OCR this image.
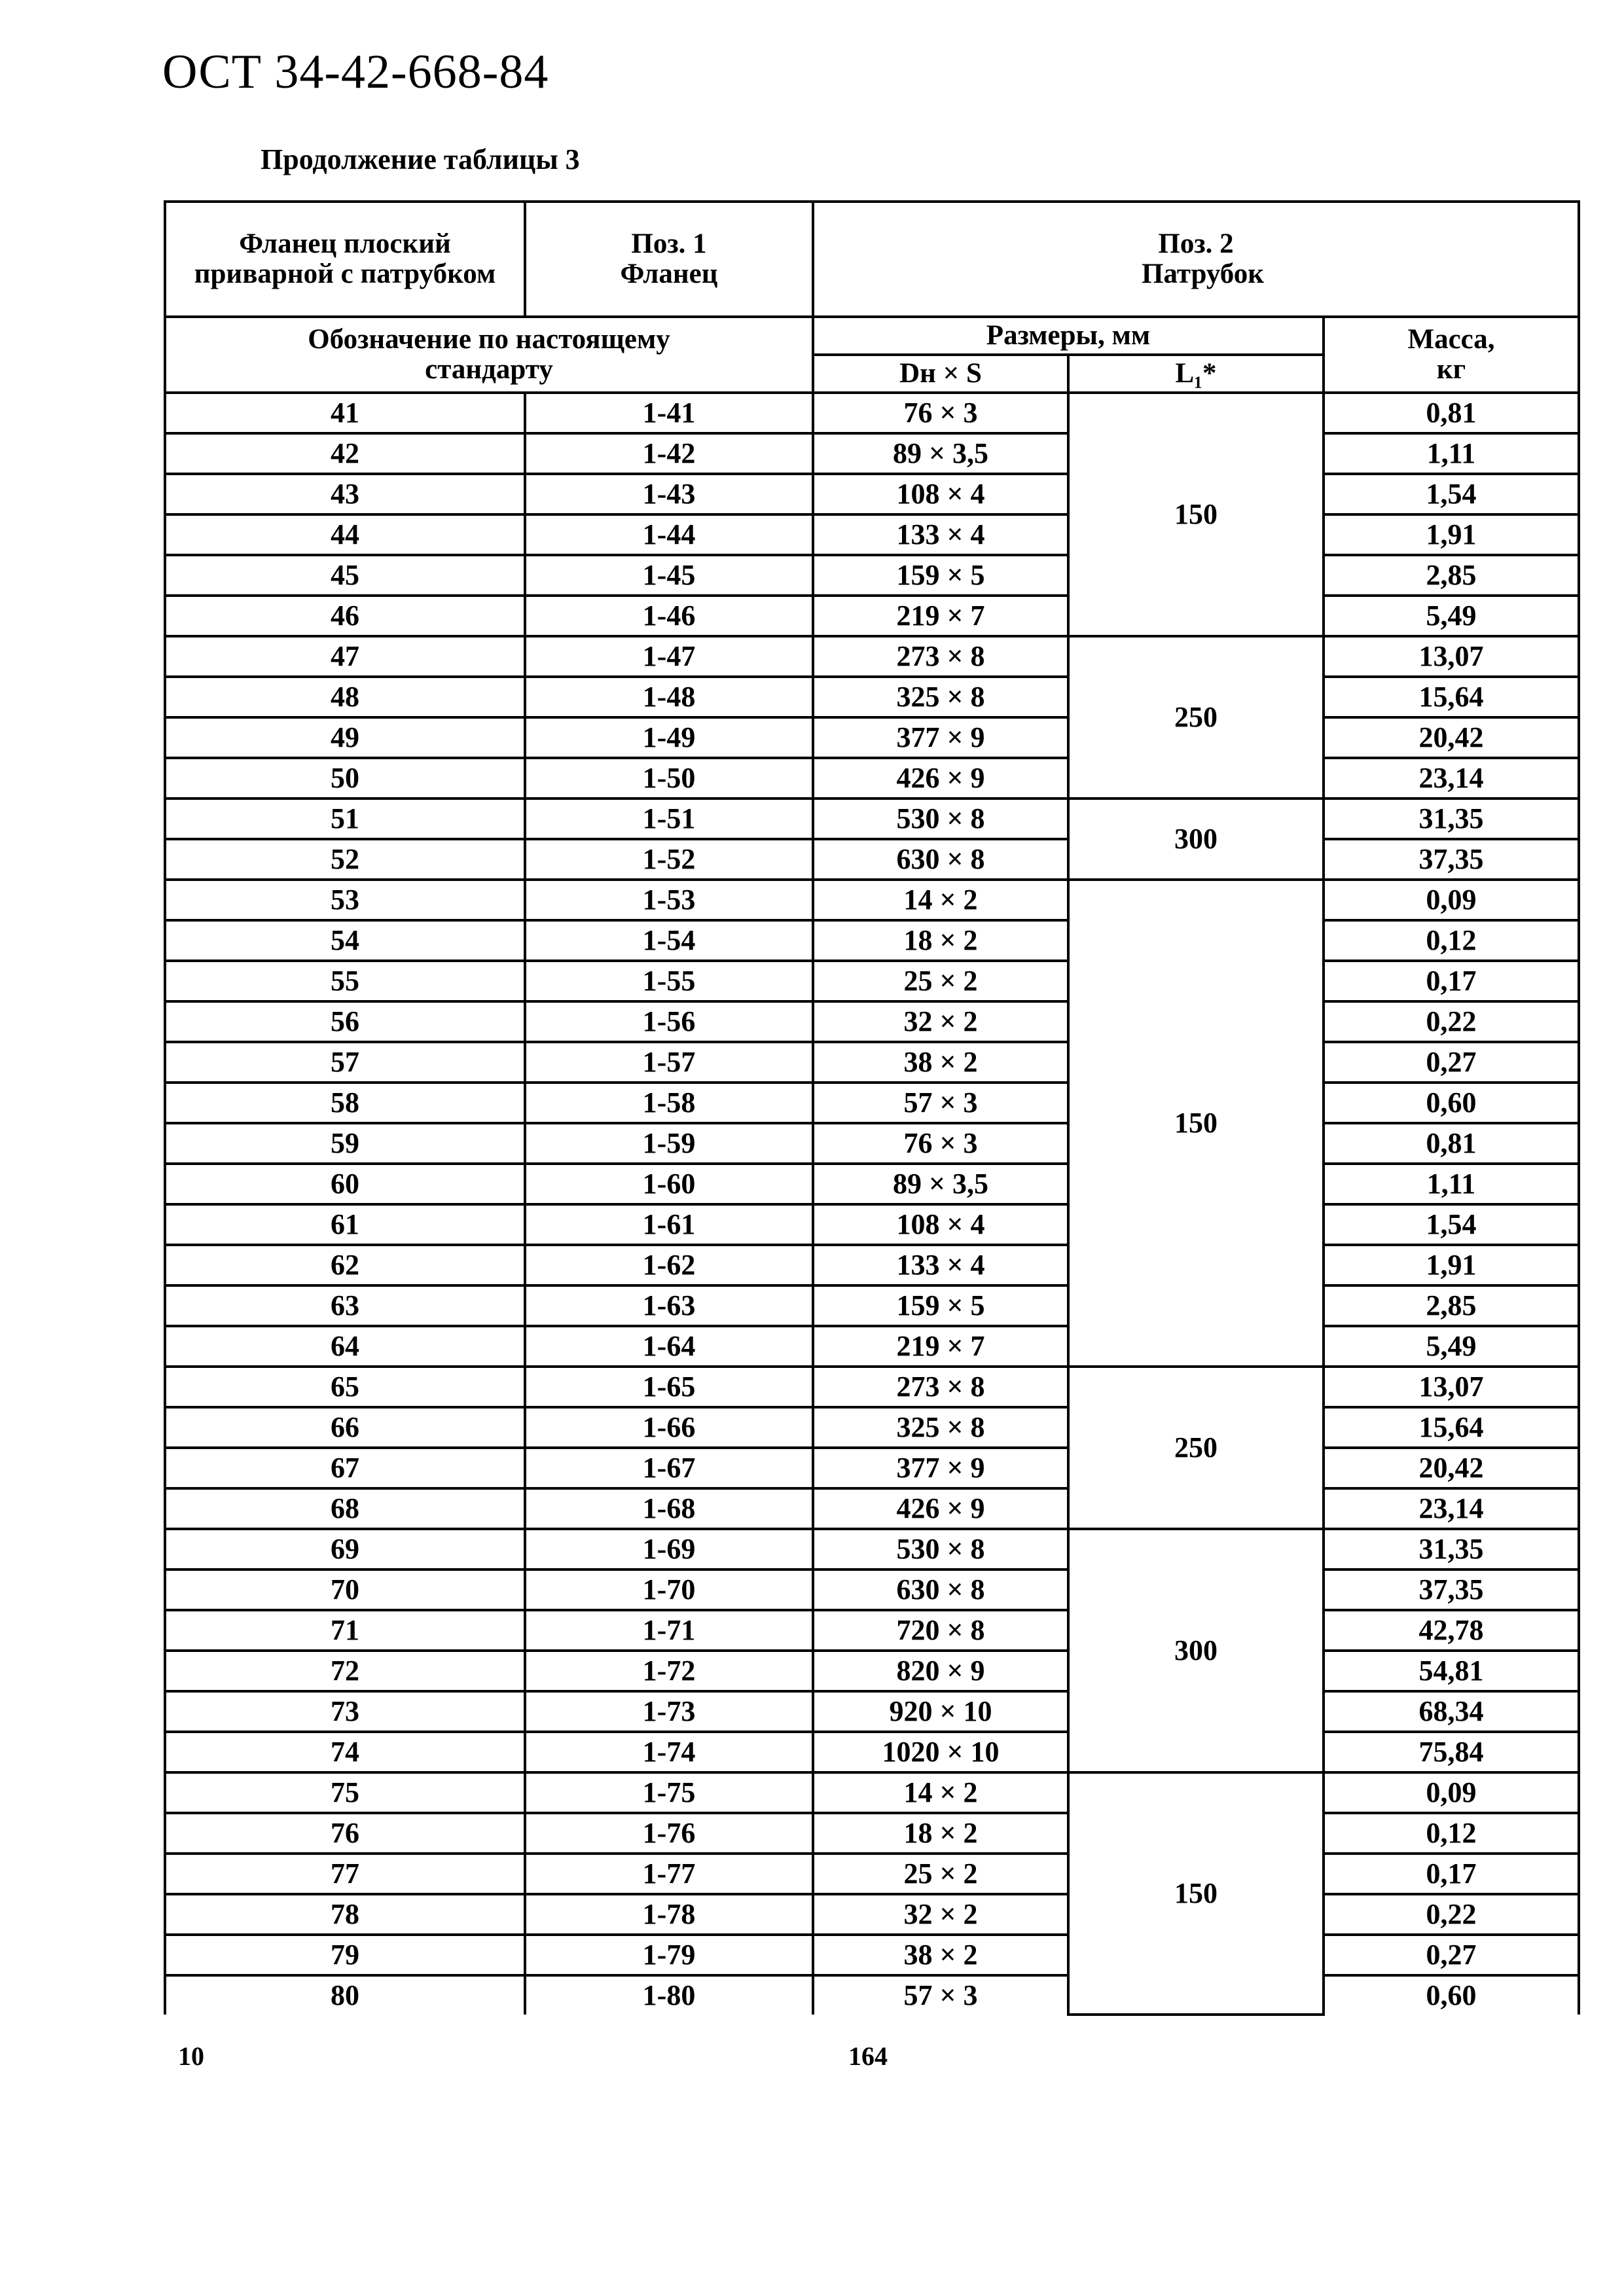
ОСТ 34-42-668-84
Продолжение таблицы 3
Фланец плоский приварной с патрубком	Поз. 1 Фланец	Поз. 2 Патрубок		
Обозначение по настоящему стандарту		Размеры, мм		Масса, кг
		Dн × S	L₁*	
41	1-41	76 × 3	150	0,81
42	1-42	89 × 3,5		1,11
43	1-43	108 × 4		1,54
44	1-44	133 × 4		1,91
45	1-45	159 × 5		2,85
46	1-46	219 × 7		5,49
47	1-47	273 × 8	250	13,07
48	1-48	325 × 8		15,64
49	1-49	377 × 9		20,42
50	1-50	426 × 9		23,14
51	1-51	530 × 8	300	31,35
52	1-52	630 × 8		37,35
53	1-53	14 × 2	150	0,09
54	1-54	18 × 2		0,12
55	1-55	25 × 2		0,17
56	1-56	32 × 2		0,22
57	1-57	38 × 2		0,27
58	1-58	57 × 3		0,60
59	1-59	76 × 3		0,81
60	1-60	89 × 3,5		1,11
61	1-61	108 × 4		1,54
62	1-62	133 × 4		1,91
63	1-63	159 × 5		2,85
64	1-64	219 × 7		5,49
65	1-65	273 × 8	250	13,07
66	1-66	325 × 8		15,64
67	1-67	377 × 9		20,42
68	1-68	426 × 9		23,14
69	1-69	530 × 8	300	31,35
70	1-70	630 × 8		37,35
71	1-71	720 × 8		42,78
72	1-72	820 × 9		54,81
73	1-73	920 × 10		68,34
74	1-74	1020 × 10		75,84
75	1-75	14 × 2	150	0,09
76	1-76	18 × 2		0,12
77	1-77	25 × 2		0,17
78	1-78	32 × 2		0,22
79	1-79	38 × 2		0,27
80	1-80	57 × 3		0,60
10	164
